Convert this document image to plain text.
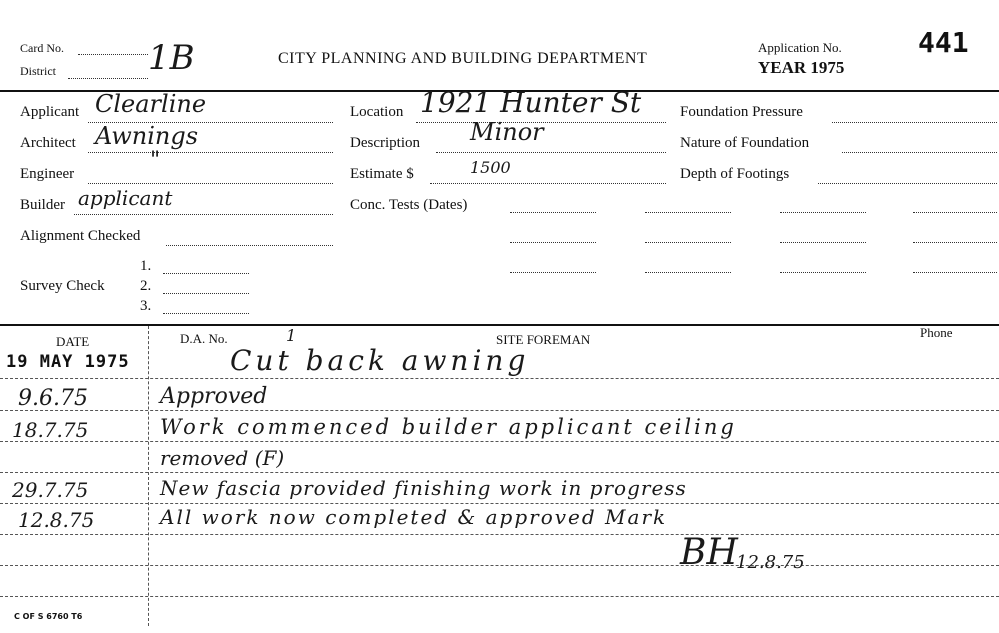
Card No.
District	1B	CITY PLANNING AND BUILDING DEPARTMENT
Application No.
YEAR 1975
441
Applicant Clearline
Architect Awnings
Engineer
"
Builder applicant
Alignment Checked
Survey Check
1.
2.
3.
Location 1921 Hunter St
Description Minor
Estimate $	1500
Conc. Tests (Dates)
Foundation Pressure
Nature of Foundation
Depth of Footings
DATE	D.A. No.	1	SITE FOREMAN	Phone
19 MAY 1975	Cut back awning
9.6.75	Approved
18.7.75	Work commenced builder applicant ceiling
removed (F)
29.7.75	New fascia provided finishing work in progress
12.8.75	All work now completed & approved Mark
BH
12.8.75
C OF S 6760 T6
